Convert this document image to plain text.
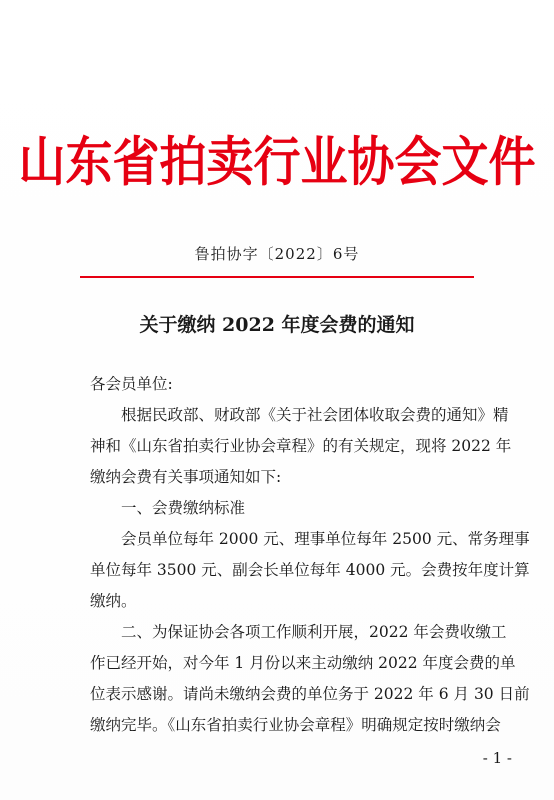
山东省拍卖行业协会文件
鲁拍协字〔2022〕6号
关于缴纳 2022 年度会费的通知
各会员单位:
根据民政部、财政部《关于社会团体收取会费的通知》精
神和《山东省拍卖行业协会章程》的有关规定，现将 2022 年
缴纳会费有关事项通知如下:
一、会费缴纳标准
会员单位每年 2000 元、理事单位每年 2500 元、常务理事
单位每年 3500 元、副会长单位每年 4000 元。会费按年度计算
缴纳。
二、为保证协会各项工作顺利开展，2022 年会费收缴工
作已经开始，对今年 1 月份以来主动缴纳 2022 年度会费的单
位表示感谢。请尚未缴纳会费的单位务于 2022 年 6 月 30 日前
缴纳完毕。《山东省拍卖行业协会章程》明确规定按时缴纳会
- 1 -
